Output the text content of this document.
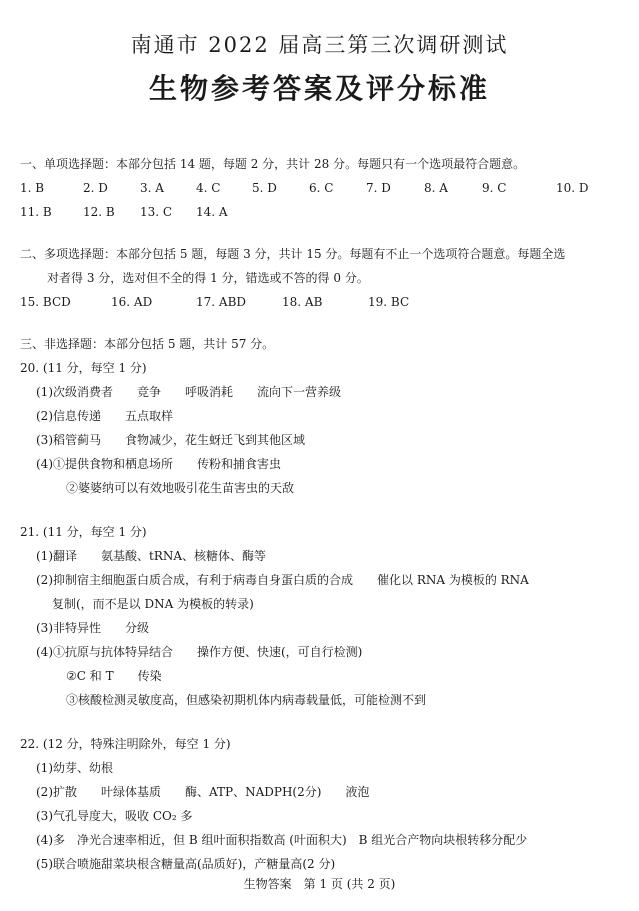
南通市 2022 届高三第三次调研测试
生物参考答案及评分标准
一、单项选择题：本部分包括 14 题，每题 2 分，共计 28 分。每题只有一个选项最符合题意。
1. B	2. D	3. A	4. C	5. D	6. C	7. D	8. A	9. C	10. D
11. B	12. B 13. C 14. A
二、多项选择题：本部分包括 5 题，每题 3 分，共计 15 分。每题有不止一个选项符合题意。每题全选
对者得 3 分，选对但不全的得 1 分，错选或不答的得 0 分。
15. BCD	16. AD	17. ABD	18. AB	19. BC
三、非选择题：本部分包括 5 题，共计 57 分。
20. (11 分，每空 1 分)
(1)次级消费者　　竞争　　呼吸消耗　　流向下一营养级
(2)信息传递　　五点取样
(3)稻管蓟马　　食物减少，花生蚜迁飞到其他区域
(4)①提供食物和栖息场所　　传粉和捕食害虫
②婆婆纳可以有效地吸引花生苗害虫的天敌
21. (11 分，每空 1 分)
(1)翻译　　氨基酸、tRNA、核糖体、酶等
(2)抑制宿主细胞蛋白质合成，有利于病毒自身蛋白质的合成　　催化以 RNA 为模板的 RNA
复制(，而不是以 DNA 为模板的转录)
(3)非特异性　　分级
(4)①抗原与抗体特异结合　　操作方便、快速(，可自行检测)
②C 和 T　　传染
③核酸检测灵敏度高，但感染初期机体内病毒载量低，可能检测不到
22. (12 分，特殊注明除外，每空 1 分)
(1)幼芽、幼根
(2)扩散　　叶绿体基质　　酶、ATP、NADPH(2分)　　液泡
(3)气孔导度大，吸收 CO₂ 多
(4)多　净光合速率相近，但 B 组叶面积指数高 (叶面积大)　B 组光合产物向块根转移分配少
(5)联合喷施甜菜块根含糖量高(品质好)，产糖量高(2 分)
生物答案　第 1 页 (共 2 页)
